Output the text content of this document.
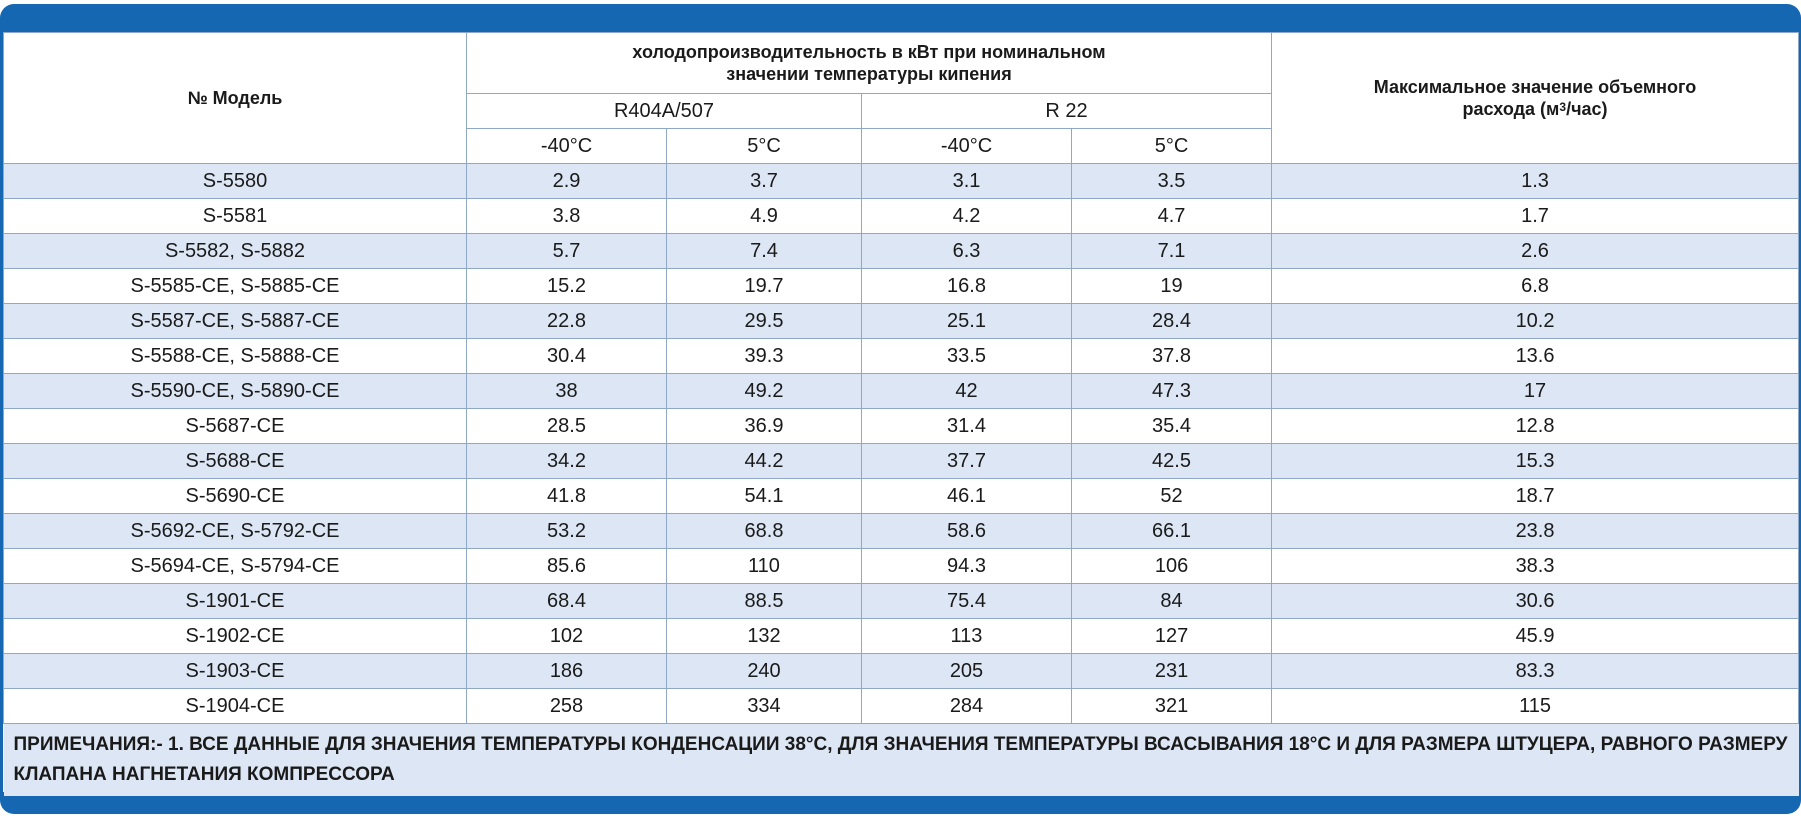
№ Модель	холодопроизводительность в кВт при номинальном
значении температуры кипения				Максимальное значение объемного
расхода $(м^3/час)$
	R404A/507		R 22		
	-40°C	5°C	-40°C	5°C	
S-5580	2.9	3.7	3.1	3.5	1.3
S-5581	3.8	4.9	4.2	4.7	1.7
S-5582, S-5882	5.7	7.4	6.3	7.1	2.6
S-5585-CE, S-5885-CE	15.2	19.7	16.8	19	6.8
S-5587-CE, S-5887-CE	22.8	29.5	25.1	28.4	10.2
S-5588-CE, S-5888-CE	30.4	39.3	33.5	37.8	13.6
S-5590-CE, S-5890-CE	38	49.2	42	47.3	17
S-5687-CE	28.5	36.9	31.4	35.4	12.8
S-5688-CE	34.2	44.2	37.7	42.5	15.3
S-5690-CE	41.8	54.1	46.1	52	18.7
S-5692-CE, S-5792-CE	53.2	68.8	58.6	66.1	23.8
S-5694-CE, S-5794-CE	85.6	110	94.3	106	38.3
S-1901-CE	68.4	88.5	75.4	84	30.6
S-1902-CE	102	132	113	127	45.9
S-1903-CE	186	240	205	231	83.3
S-1904-CE	258	334	284	321	115
ПРИМЕЧАНИЯ:- 1. ВСЕ ДАННЫЕ ДЛЯ ЗНАЧЕНИЯ ТЕМПЕРАТУРЫ КОНДЕНСАЦИИ 38°С, ДЛЯ ЗНАЧЕНИЯ ТЕМПЕРАТУРЫ ВСАСЫВАНИЯ 18°С И ДЛЯ РАЗМЕРА ШТУЦЕРА, РАВНОГО РАЗМЕРУ КЛАПАНА НАГНЕТАНИЯ КОМПРЕССОРА					
